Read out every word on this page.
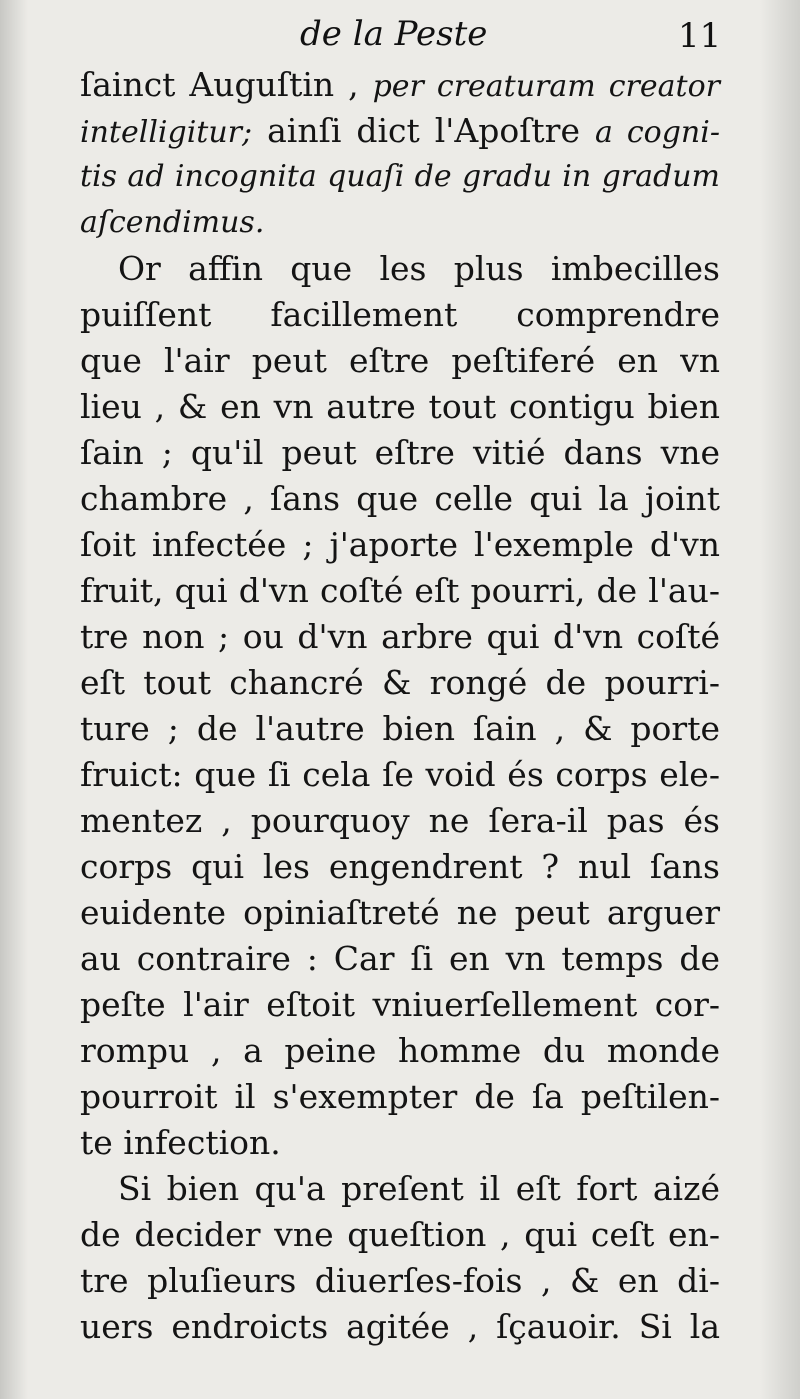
de la Peste	11
ſainct Auguſtin , per creaturam creator
intelligitur; ainſi dict l'Apoſtre a cogni-
tis ad incognita quaſi de gradu in gradum
aſcendimus.
Or affin que les plus imbecilles
puiſſent facillement comprendre
que l'air peut eſtre peſtiferé en vn
lieu , & en vn autre tout contigu bien
ſain ; qu'il peut eſtre vitié dans vne
chambre , ſans que celle qui la joint
ſoit infectée ; j'aporte l'exemple d'vn
fruit, qui d'vn coſté eſt pourri, de l'au-
tre non ; ou d'vn arbre qui d'vn coſté
eſt tout chancré & rongé de pourri-
ture ; de l'autre bien ſain , & porte
fruict: que ſi cela ſe void és corps ele-
mentez , pourquoy ne ſera-il pas és
corps qui les engendrent ? nul ſans
euidente opiniaſtreté ne peut arguer
au contraire : Car ſi en vn temps de
peſte l'air eſtoit vniuerſellement cor-
rompu , a peine homme du monde
pourroit il s'exempter de ſa peſtilen-
te infection.
Si bien qu'a preſent il eſt fort aizé
de decider vne queſtion , qui ceſt en-
tre pluſieurs diuerſes-fois , & en di-
uers endroicts agitée , ſçauoir. Si la
